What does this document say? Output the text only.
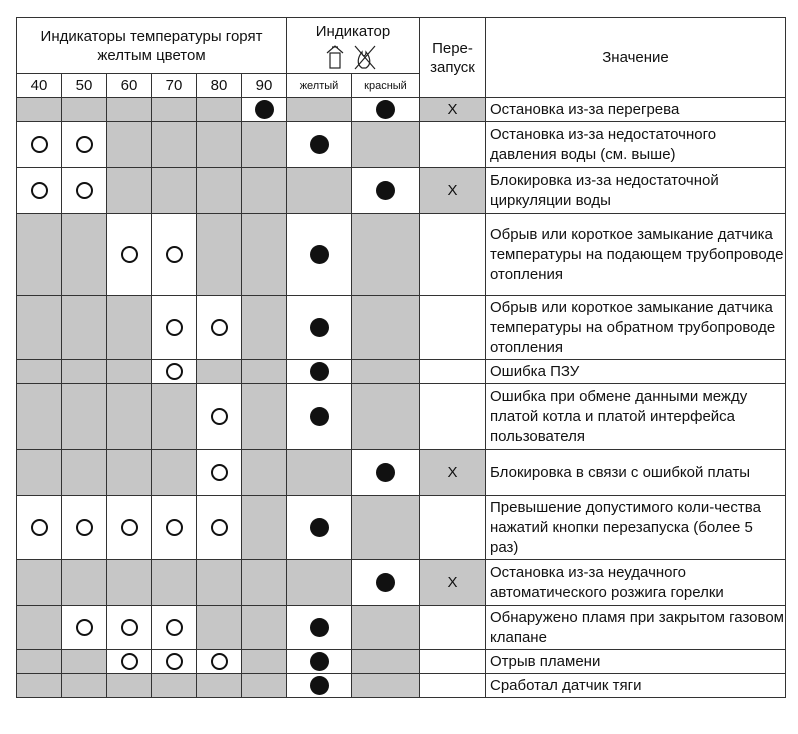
Индикаторы температуры горят желтым цветом						Индикатор		Пере-запуск	Значение
40	50	60	70	80	90	желтый	красный		
								X	Остановка из-за перегрева
									Остановка из-за недостаточного давления воды (см. выше)
								X	Блокировка из-за недостаточной циркуляции воды
									Обрыв или короткое замыкание датчика температуры на подающем трубопроводе отопления
									Обрыв или короткое замыкание датчика температуры на обратном трубопроводе отопления
									Ошибка ПЗУ
									Ошибка при обмене данными между платой котла и платой интерфейса пользователя
								X	Блокировка в связи с ошибкой платы
									Превышение допустимого коли-чества нажатий кнопки перезапуска (более 5 раз)
								X	Остановка из-за неудачного автоматического розжига горелки
									Обнаружено пламя при закрытом газовом клапане
									Отрыв пламени
									Сработал датчик тяги
